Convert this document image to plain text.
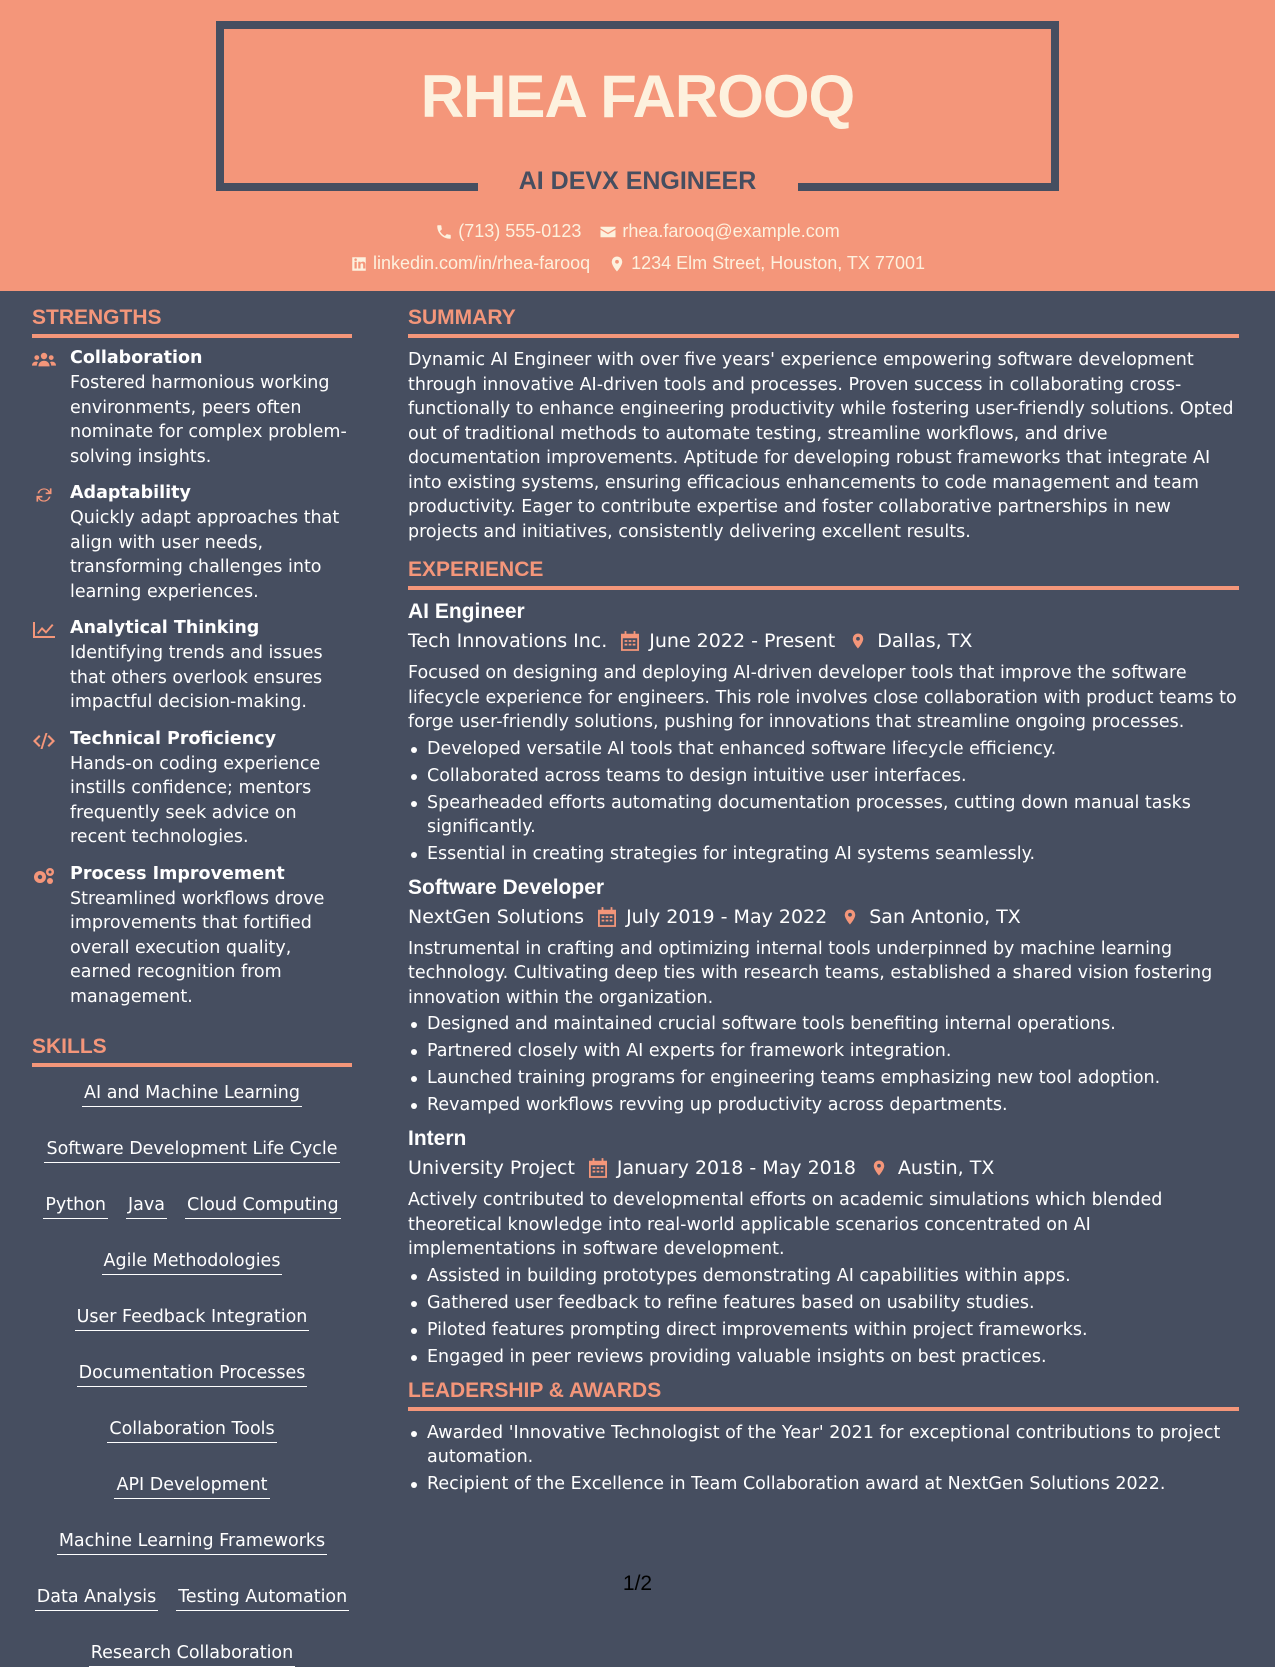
RHEA FAROOQ
AI DEVX ENGINEER
(713) 555-0123 rhea.farooq@example.com
linkedin.com/in/rhea-farooq 1234 Elm Street, Houston, TX 77001
STRENGTHS
Collaboration
Fostered harmonious working environments, peers often nominate for complex problem-solving insights.
Adaptability
Quickly adapt approaches that align with user needs, transforming challenges into learning experiences.
Analytical Thinking
Identifying trends and issues that others overlook ensures impactful decision-making.
Technical Proficiency
Hands-on coding experience instills confidence; mentors frequently seek advice on recent technologies.
Process Improvement
Streamlined workflows drove improvements that fortified overall execution quality, earned recognition from management.
SKILLS
AI and Machine Learning
Software Development Life Cycle
Python Java Cloud Computing
Agile Methodologies
User Feedback Integration
Documentation Processes
Collaboration Tools
API Development
Machine Learning Frameworks
Data Analysis Testing Automation
Research Collaboration
SUMMARY
Dynamic AI Engineer with over five years' experience empowering software development through innovative AI-driven tools and processes. Proven success in collaborating cross-functionally to enhance engineering productivity while fostering user-friendly solutions. Opted out of traditional methods to automate testing, streamline workflows, and drive documentation improvements. Aptitude for developing robust frameworks that integrate AI into existing systems, ensuring efficacious enhancements to code management and team productivity. Eager to contribute expertise and foster collaborative partnerships in new projects and initiatives, consistently delivering excellent results.
EXPERIENCE
AI Engineer
Tech Innovations Inc. June 2022 - Present Dallas, TX
Focused on designing and deploying AI-driven developer tools that improve the software lifecycle experience for engineers. This role involves close collaboration with product teams to forge user-friendly solutions, pushing for innovations that streamline ongoing processes.
Developed versatile AI tools that enhanced software lifecycle efficiency.
Collaborated across teams to design intuitive user interfaces.
Spearheaded efforts automating documentation processes, cutting down manual tasks significantly.
Essential in creating strategies for integrating AI systems seamlessly.
Software Developer
NextGen Solutions July 2019 - May 2022 San Antonio, TX
Instrumental in crafting and optimizing internal tools underpinned by machine learning technology. Cultivating deep ties with research teams, established a shared vision fostering innovation within the organization.
Designed and maintained crucial software tools benefiting internal operations.
Partnered closely with AI experts for framework integration.
Launched training programs for engineering teams emphasizing new tool adoption.
Revamped workflows revving up productivity across departments.
Intern
University Project January 2018 - May 2018 Austin, TX
Actively contributed to developmental efforts on academic simulations which blended theoretical knowledge into real-world applicable scenarios concentrated on AI implementations in software development.
Assisted in building prototypes demonstrating AI capabilities within apps.
Gathered user feedback to refine features based on usability studies.
Piloted features prompting direct improvements within project frameworks.
Engaged in peer reviews providing valuable insights on best practices.
LEADERSHIP & AWARDS
Awarded 'Innovative Technologist of the Year' 2021 for exceptional contributions to project automation.
Recipient of the Excellence in Team Collaboration award at NextGen Solutions 2022.
1/2
